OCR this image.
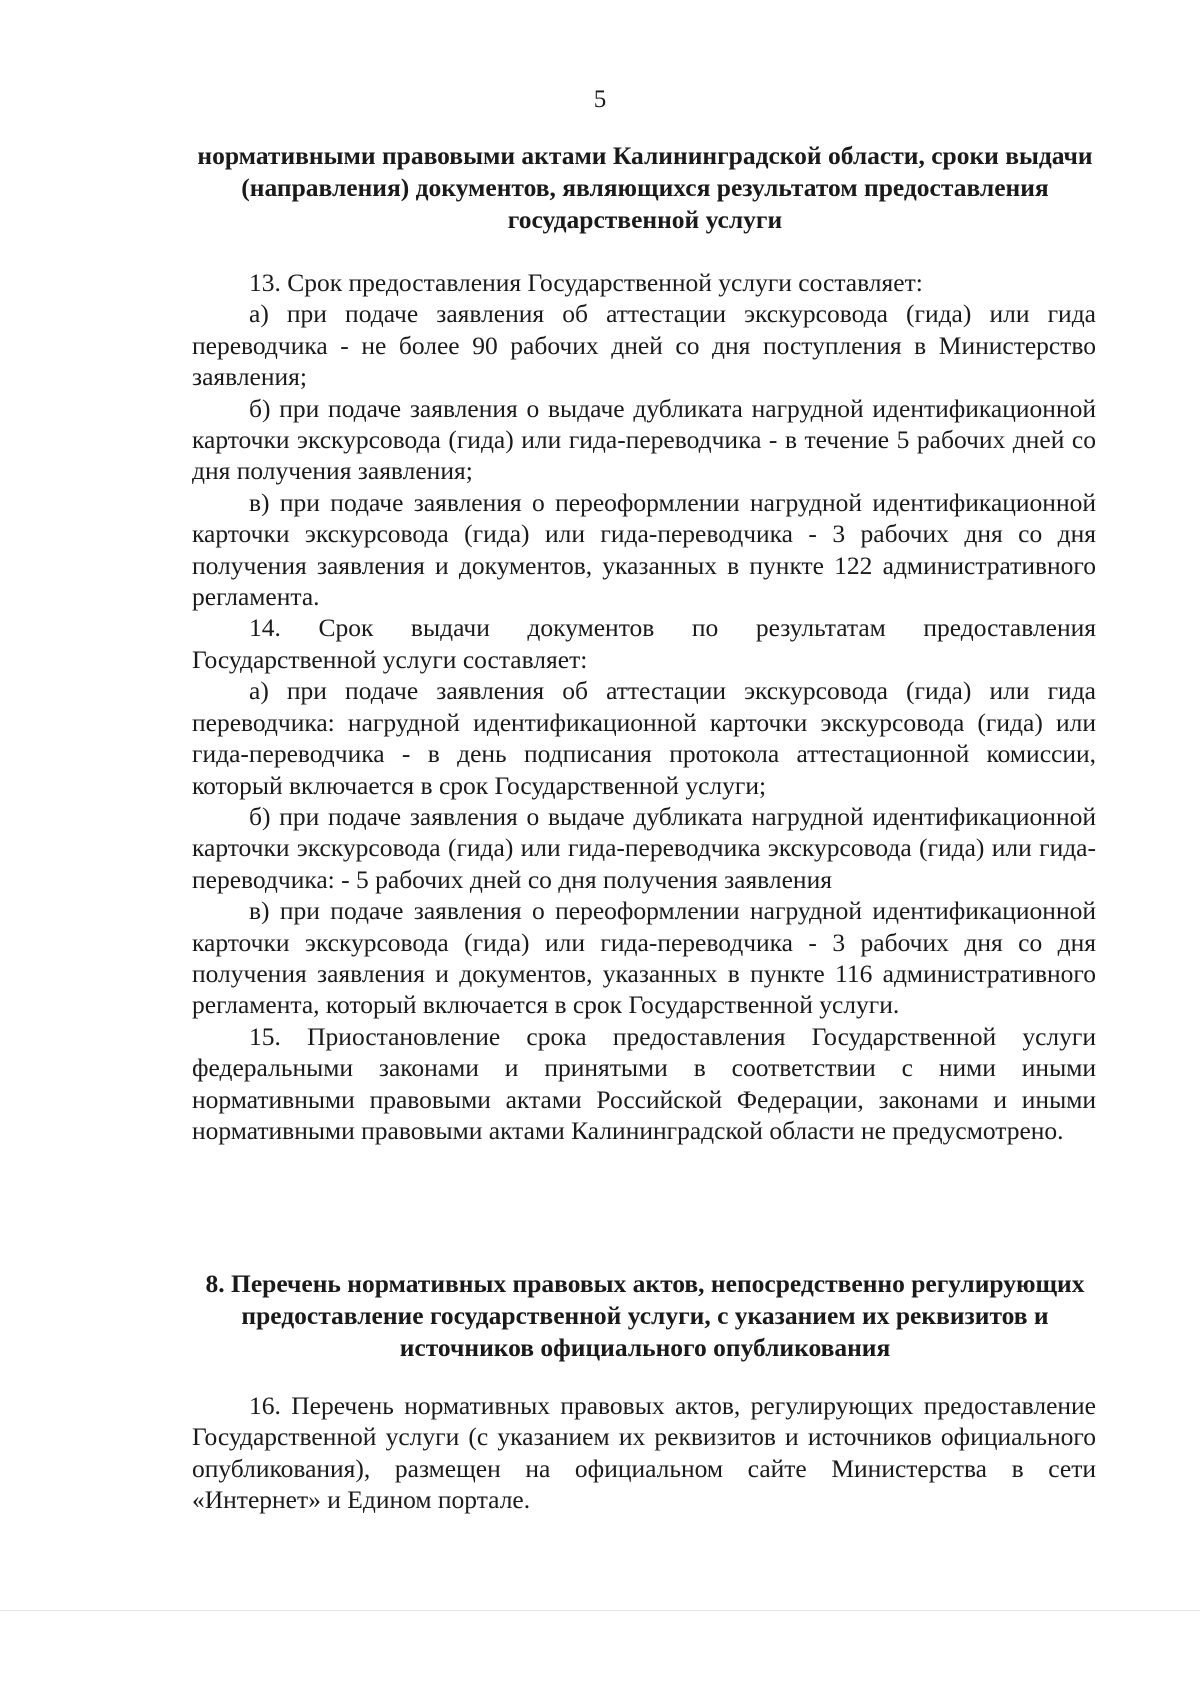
5
нормативными правовыми актами Калининградской области, сроки выдачи (направления) документов, являющихся результатом предоставления государственной услуги

13. Срок предоставления Государственной услуги составляет:

а) при подаче заявления об аттестации экскурсовода (гида) или гида переводчика - не более 90 рабочих дней со дня поступления в Министерство заявления;

б) при подаче заявления о выдаче дубликата нагрудной идентификационной карточки экскурсовода (гида) или гида-переводчика - в течение 5 рабочих дней со дня получения заявления;

в) при подаче заявления о переоформлении нагрудной идентификационной карточки экскурсовода (гида) или гида-переводчика - 3 рабочих дня со дня получения заявления и документов, указанных в пункте 122 административного регламента.

14. Срок выдачи документов по результатам предоставления Государственной услуги составляет:

а) при подаче заявления об аттестации экскурсовода (гида) или гида переводчика: нагрудной идентификационной карточки экскурсовода (гида) или гида-переводчика - в день подписания протокола аттестационной комиссии, который включается в срок Государственной услуги;

б) при подаче заявления о выдаче дубликата нагрудной идентификационной карточки экскурсовода (гида) или гида-переводчика экскурсовода (гида) или гида-переводчика: - 5 рабочих дней со дня получения заявления

в) при подаче заявления о переоформлении нагрудной идентификационной карточки экскурсовода (гида) или гида-переводчика - 3 рабочих дня со дня получения заявления и документов, указанных в пункте 116 административного регламента, который включается в срок Государственной услуги.

15. Приостановление срока предоставления Государственной услуги федеральными законами и принятыми в соответствии с ними иными нормативными правовыми актами Российской Федерации, законами и иными нормативными правовыми актами Калининградской области не предусмотрено.

8. Перечень нормативных правовых актов, непосредственно регулирующих предоставление государственной услуги, с указанием их реквизитов и источников официального опубликования

16. Перечень нормативных правовых актов, регулирующих предоставление Государственной услуги (с указанием их реквизитов и источников официального опубликования), размещен на официальном сайте Министерства в сети «Интернет» и Едином портале.
